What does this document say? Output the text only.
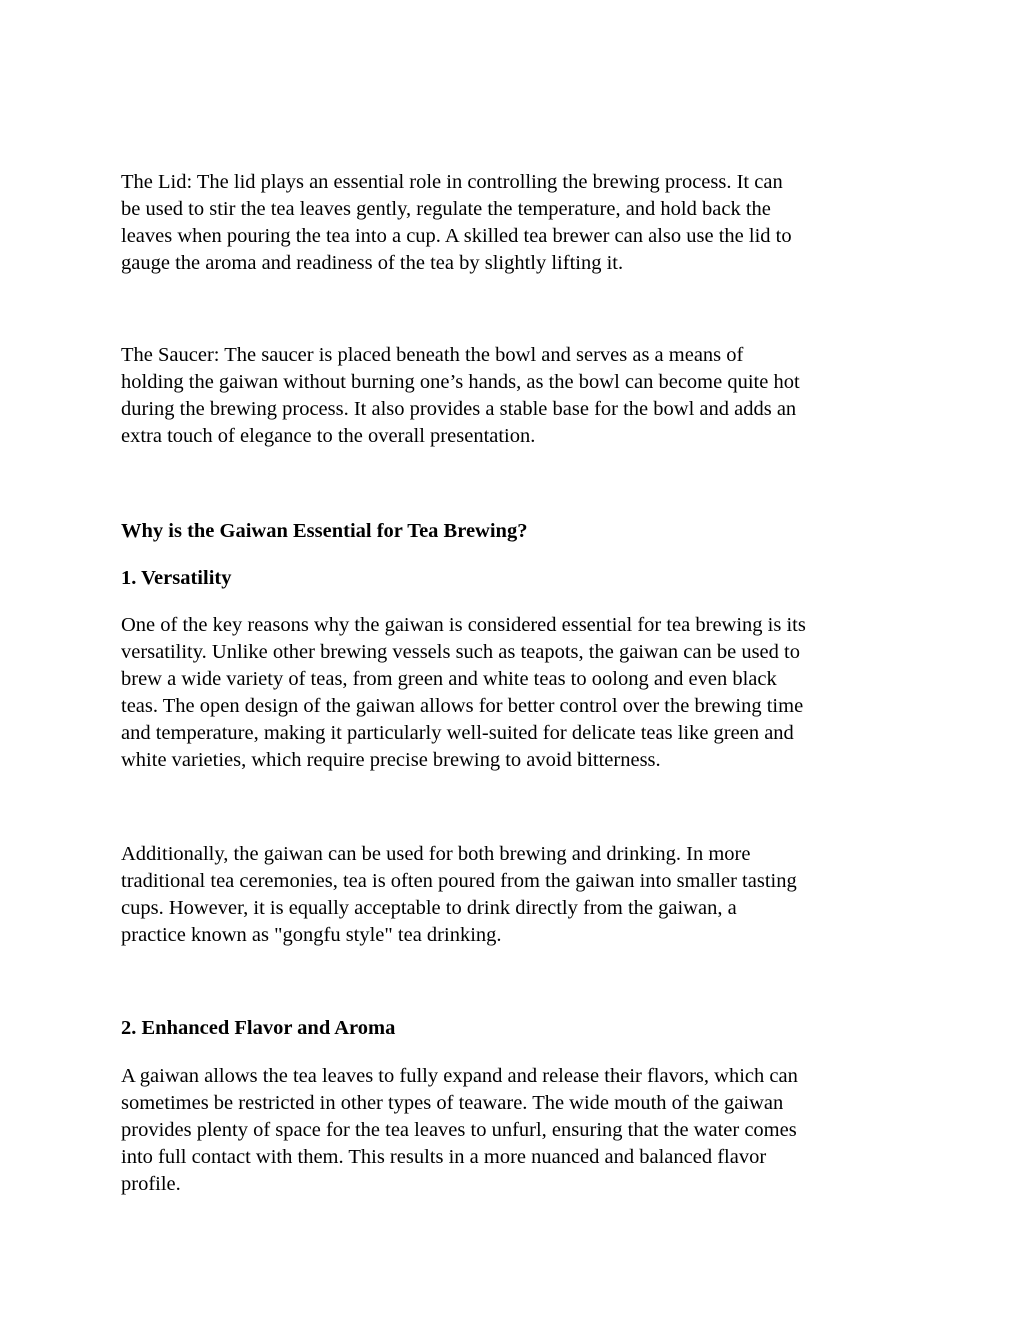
The Lid: The lid plays an essential role in controlling the brewing process. It can
be used to stir the tea leaves gently, regulate the temperature, and hold back the
leaves when pouring the tea into a cup. A skilled tea brewer can also use the lid to
gauge the aroma and readiness of the tea by slightly lifting it.

The Saucer: The saucer is placed beneath the bowl and serves as a means of
holding the gaiwan without burning one’s hands, as the bowl can become quite hot
during the brewing process. It also provides a stable base for the bowl and adds an
extra touch of elegance to the overall presentation.

Why is the Gaiwan Essential for Tea Brewing?
1. Versatility

One of the key reasons why the gaiwan is considered essential for tea brewing is its
versatility. Unlike other brewing vessels such as teapots, the gaiwan can be used to
brew a wide variety of teas, from green and white teas to oolong and even black
teas. The open design of the gaiwan allows for better control over the brewing time
and temperature, making it particularly well-suited for delicate teas like green and
white varieties, which require precise brewing to avoid bitterness.

Additionally, the gaiwan can be used for both brewing and drinking. In more
traditional tea ceremonies, tea is often poured from the gaiwan into smaller tasting
cups. However, it is equally acceptable to drink directly from the gaiwan, a
practice known as "gongfu style" tea drinking.

2. Enhanced Flavor and Aroma

A gaiwan allows the tea leaves to fully expand and release their flavors, which can
sometimes be restricted in other types of teaware. The wide mouth of the gaiwan
provides plenty of space for the tea leaves to unfurl, ensuring that the water comes
into full contact with them. This results in a more nuanced and balanced flavor
profile.
